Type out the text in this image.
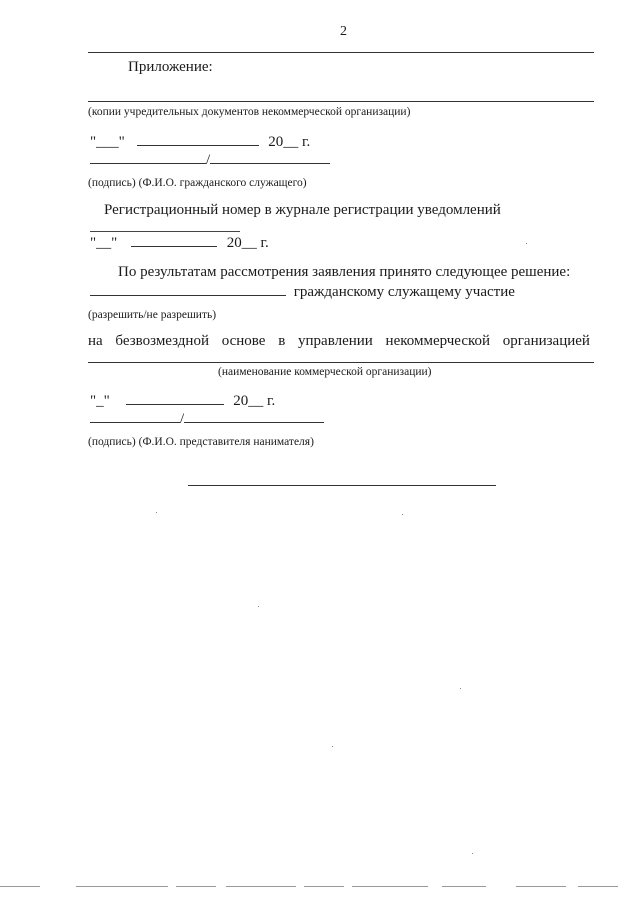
2
Приложение:
(копии учредительных документов некоммерческой организации)
"___"	20__ г.
/
(подпись) (Ф.И.О. гражданского служащего)
Регистрационный номер в журнале регистрации уведомлений
"__"	20__ г.
По результатам рассмотрения заявления принято следующее решение:
гражданскому служащему участие
(разрешить/не разрешить)
на безвозмездной основе в управлении некоммерческой организацией
(наименование коммерческой организации)
"_"	20__ г.
/
(подпись) (Ф.И.О. представителя нанимателя)
